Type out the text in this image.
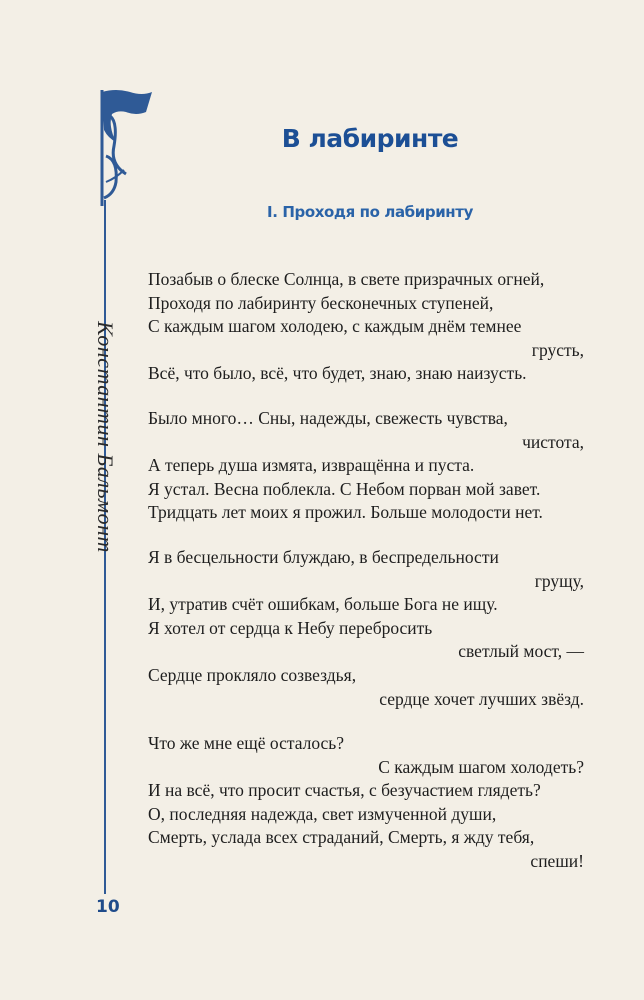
Константин Бальмонт
10
В лабиринте
I. Проходя по лабиринту
Позабыв о блеске Солнца, в свете призрачных огней,
Проходя по лабиринту бесконечных ступеней,
С каждым шагом холодею, с каждым днём темнее
грусть,
Всё, что было, всё, что будет, знаю, знаю наизусть.
Было много… Сны, надежды, свежесть чувства,
чистота,
А теперь душа измята, извращённа и пуста.
Я устал. Весна поблекла. С Небом порван мой завет.
Тридцать лет моих я прожил. Больше молодости нет.
Я в бесцельности блуждаю, в беспредельности
грущу,
И, утратив счёт ошибкам, больше Бога не ищу.
Я хотел от сердца к Небу перебросить
светлый мост, —
Сердце прокляло созвездья,
сердце хочет лучших звёзд.
Что же мне ещё осталось?
С каждым шагом холодеть?
И на всё, что просит счастья, с безучастием глядеть?
О, последняя надежда, свет измученной души,
Смерть, услада всех страданий, Смерть, я жду тебя,
спеши!
